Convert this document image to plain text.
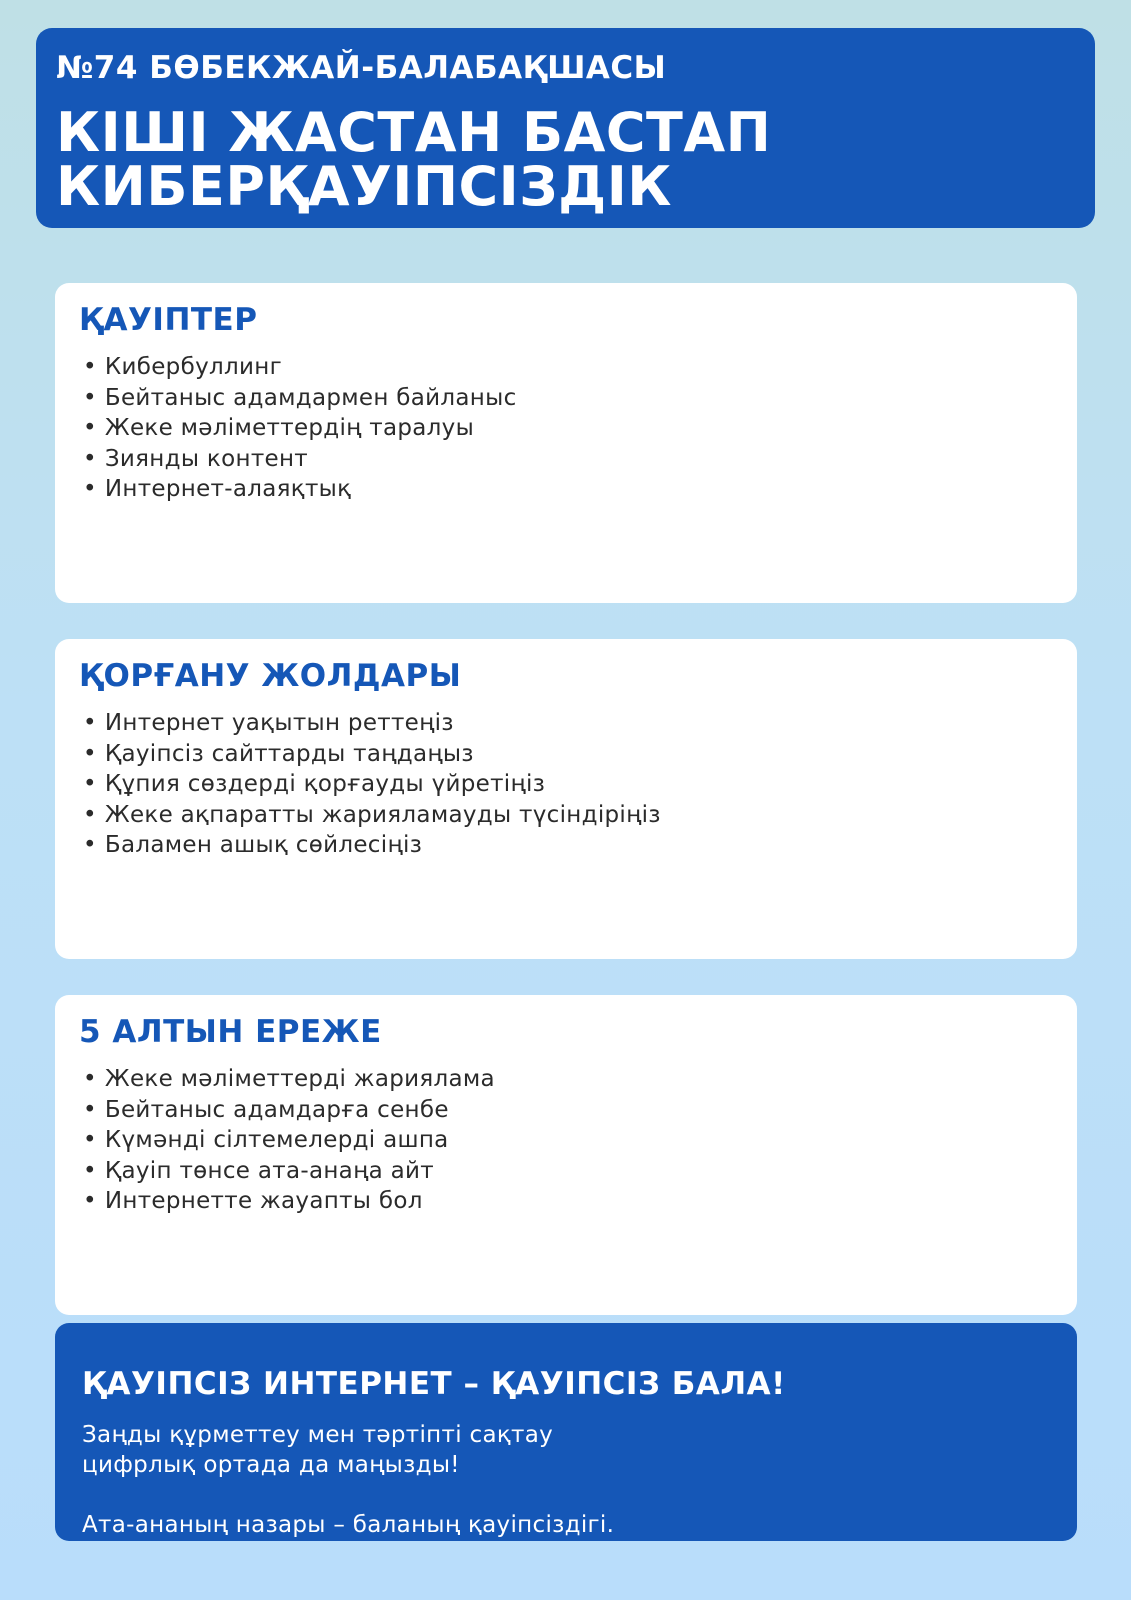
№74 БӨБЕКЖАЙ-БАЛАБАҚШАСЫ
КІШІ ЖАСТАН БАСТАП
КИБЕРҚАУІПСІЗДІК
ҚАУІПТЕР
• Кибербуллинг
• Бейтаныс адамдармен байланыс
• Жеке мәліметтердің таралуы
• Зиянды контент
• Интернет-алаяқтық
ҚОРҒАНУ ЖОЛДАРЫ
• Интернет уақытын реттеңіз
• Қауіпсіз сайттарды таңдаңыз
• Құпия сөздерді қорғауды үйретіңіз
• Жеке ақпаратты жарияламауды түсіндіріңіз
• Баламен ашық сөйлесіңіз
5 АЛТЫН ЕРЕЖЕ
• Жеке мәліметтерді жариялама
• Бейтаныс адамдарға сенбе
• Күмәнді сілтемелерді ашпа
• Қауіп төнсе ата-анаңа айт
• Интернетте жауапты бол
ҚАУІПСІЗ ИНТЕРНЕТ – ҚАУІПСІЗ БАЛА!
Заңды құрметтеу мен тәртіпті сақтау
цифрлық ортада да маңызды!
Ата-ананың назары – баланың қауіпсіздігі.
